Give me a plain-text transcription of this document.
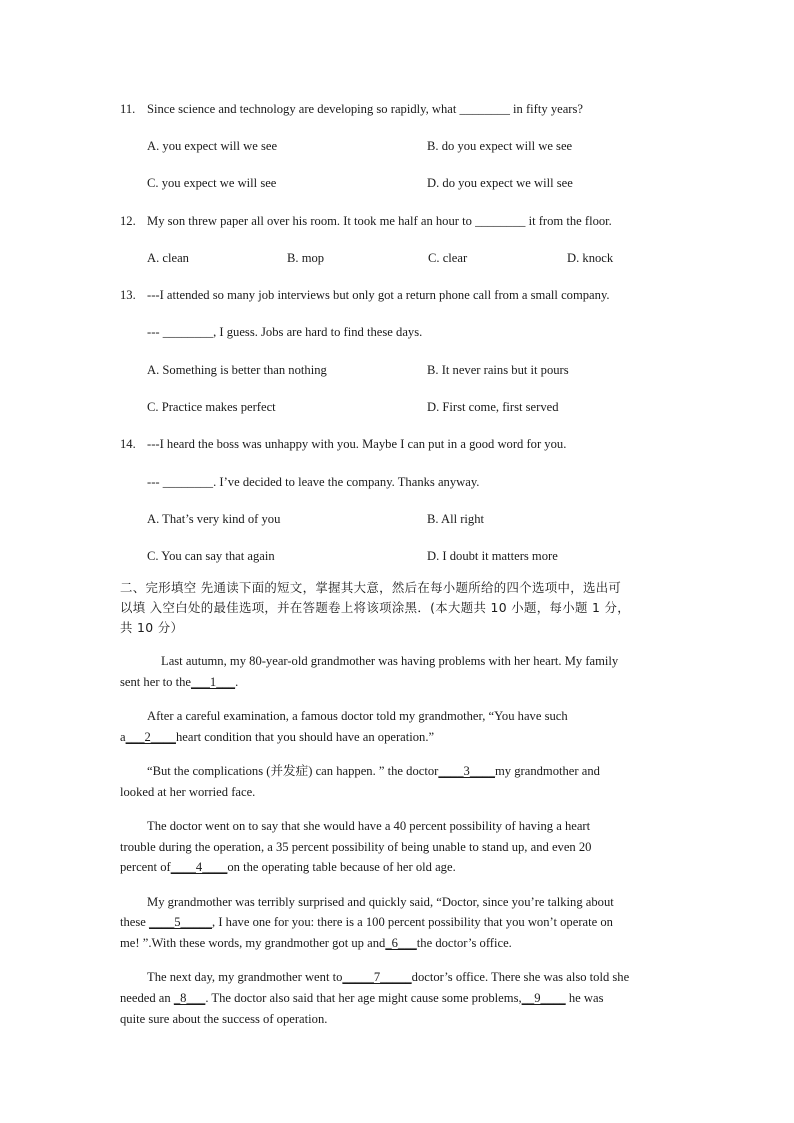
11. Since science and technology are developing so rapidly, what ________ in fifty years?
A. you expect will we see	B. do you expect will we see
C. you expect we will see	D. do you expect we will see
12. My son threw paper all over his room. It took me half an hour to ________ it from the floor.
A. clean	B. mop	C. clear	D. knock
13. ---I attended so many job interviews but only got a return phone call from a small company.
--- ________, I guess. Jobs are hard to find these days.
A. Something is better than nothing	B. It never rains but it pours
C. Practice makes perfect	D. First come, first served
14. ---I heard the boss was unhappy with you. Maybe I can put in a good word for you.
--- ________. I’ve decided to leave the company. Thanks anyway.
A. That’s very kind of you	B. All right
C. You can say that again	D. I doubt it matters more
二、完形填空 先通读下面的短文，掌握其大意，然后在每小题所给的四个选项中，选出可
以填 入空白处的最佳选项，并在答题卷上将该项涂黑．(本大题共 10 小题，每小题 1 分，
共 10 分）
Last autumn, my 80-year-old grandmother was having problems with her heart. My family
sent her to the___1___.
After a careful examination, a famous doctor told my grandmother, “You have such
a___2____heart condition that you should have an operation.”
“But the complications (并发症) can happen. ” the doctor____3____my grandmother and
looked at her worried face.
The doctor went on to say that she would have a 40 percent possibility of having a heart
trouble during the operation, a 35 percent possibility of being unable to stand up, and even 20
percent of____4____on the operating table because of her old age.
My grandmother was terribly surprised and quickly said, “Doctor, since you’re talking about
these ____5_____, I have one for you: there is a 100 percent possibility that you won’t operate on
me! ”.With these words, my grandmother got up and_6___the doctor’s office.
The next day, my grandmother went to_____7_____doctor’s office. There she was also told she
needed an _8___. The doctor also said that her age might cause some problems,__9____ he was
quite sure about the success of operation.
